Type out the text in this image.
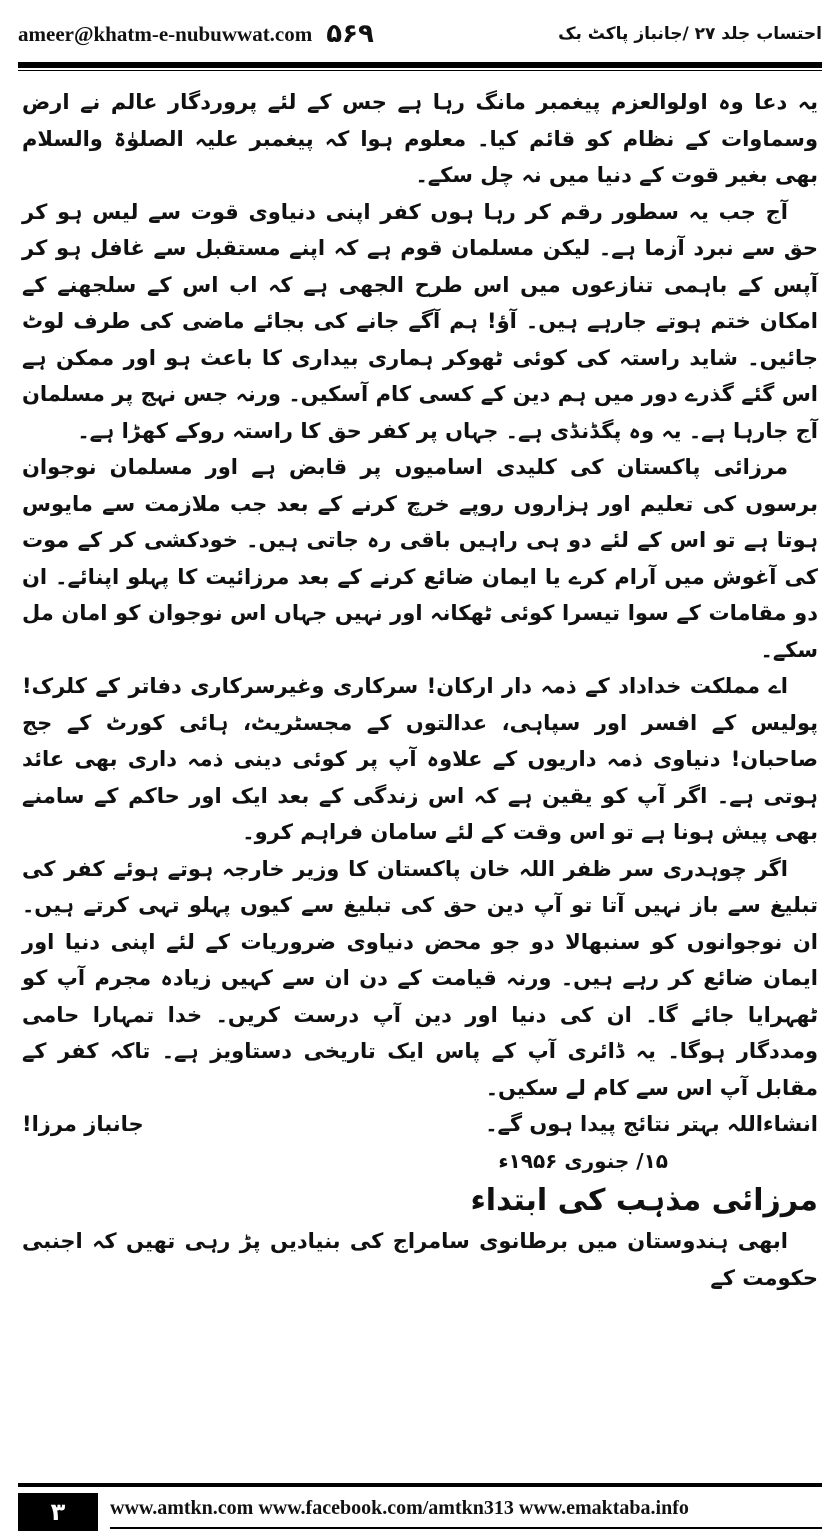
ameer@khatm-e-nubuwwat.com ۵۶۹	احتساب جلد ۲۷ /جانباز پاکٹ بک

یہ دعا وہ اولوالعزم پیغمبر مانگ رہا ہے جس کے لئے پروردگار عالم نے ارض وسماوات کے نظام کو قائم کیا۔ معلوم ہوا کہ پیغمبر علیہ الصلوٰۃ والسلام بھی بغیر قوت کے دنیا میں نہ چل سکے۔

آج جب یہ سطور رقم کر رہا ہوں کفر اپنی دنیاوی قوت سے لیس ہو کر حق سے نبرد آزما ہے۔ لیکن مسلمان قوم ہے کہ اپنے مستقبل سے غافل ہو کر آپس کے باہمی تنازعوں میں اس طرح الجھی ہے کہ اب اس کے سلجھنے کے امکان ختم ہوتے جارہے ہیں۔ آؤ! ہم آگے جانے کی بجائے ماضی کی طرف لوٹ جائیں۔ شاید راستہ کی کوئی ٹھوکر ہماری بیداری کا باعث ہو اور ممکن ہے اس گئے گذرے دور میں ہم دین کے کسی کام آسکیں۔ ورنہ جس نہج پر مسلمان آج جارہا ہے۔ یہ وہ پگڈنڈی ہے۔ جہاں پر کفر حق کا راستہ روکے کھڑا ہے۔

مرزائی پاکستان کی کلیدی اسامیوں پر قابض ہے اور مسلمان نوجوان برسوں کی تعلیم اور ہزاروں روپے خرچ کرنے کے بعد جب ملازمت سے مایوس ہوتا ہے تو اس کے لئے دو ہی راہیں باقی رہ جاتی ہیں۔ خودکشی کر کے موت کی آغوش میں آرام کرے یا ایمان ضائع کرنے کے بعد مرزائیت کا پہلو اپنائے۔ ان دو مقامات کے سوا تیسرا کوئی ٹھکانہ اور نہیں جہاں اس نوجوان کو امان مل سکے۔

اے مملکت خداداد کے ذمہ دار ارکان! سرکاری وغیرسرکاری دفاتر کے کلرک! پولیس کے افسر اور سپاہی، عدالتوں کے مجسٹریٹ، ہائی کورٹ کے جج صاحبان! دنیاوی ذمہ داریوں کے علاوہ آپ پر کوئی دینی ذمہ داری بھی عائد ہوتی ہے۔ اگر آپ کو یقین ہے کہ اس زندگی کے بعد ایک اور حاکم کے سامنے بھی پیش ہونا ہے تو اس وقت کے لئے سامان فراہم کرو۔

اگر چوہدری سر ظفر اللہ خان پاکستان کا وزیر خارجہ ہوتے ہوئے کفر کی تبلیغ سے باز نہیں آتا تو آپ دین حق کی تبلیغ سے کیوں پہلو تہی کرتے ہیں۔ ان نوجوانوں کو سنبھالا دو جو محض دنیاوی ضروریات کے لئے اپنی دنیا اور ایمان ضائع کر رہے ہیں۔ ورنہ قیامت کے دن ان سے کہیں زیادہ مجرم آپ کو ٹھہرایا جائے گا۔ ان کی دنیا اور دین آپ درست کریں۔ خدا تمہارا حامی ومددگار ہوگا۔ یہ ڈائری آپ کے پاس ایک تاریخی دستاویز ہے۔ تاکہ کفر کے مقابل آپ اس سے کام لے سکیں۔

انشاءاللہ بہتر نتائج پیدا ہوں گے۔
جانباز مرزا!

۱۵/ جنوری ۱۹۵۶ء

مرزائی مذہب کی ابتداء

ابھی ہندوستان میں برطانوی سامراج کی بنیادیں پڑ رہی تھیں کہ اجنبی حکومت کے

۳	www.amtkn.com www.facebook.com/amtkn313 www.emaktaba.info
